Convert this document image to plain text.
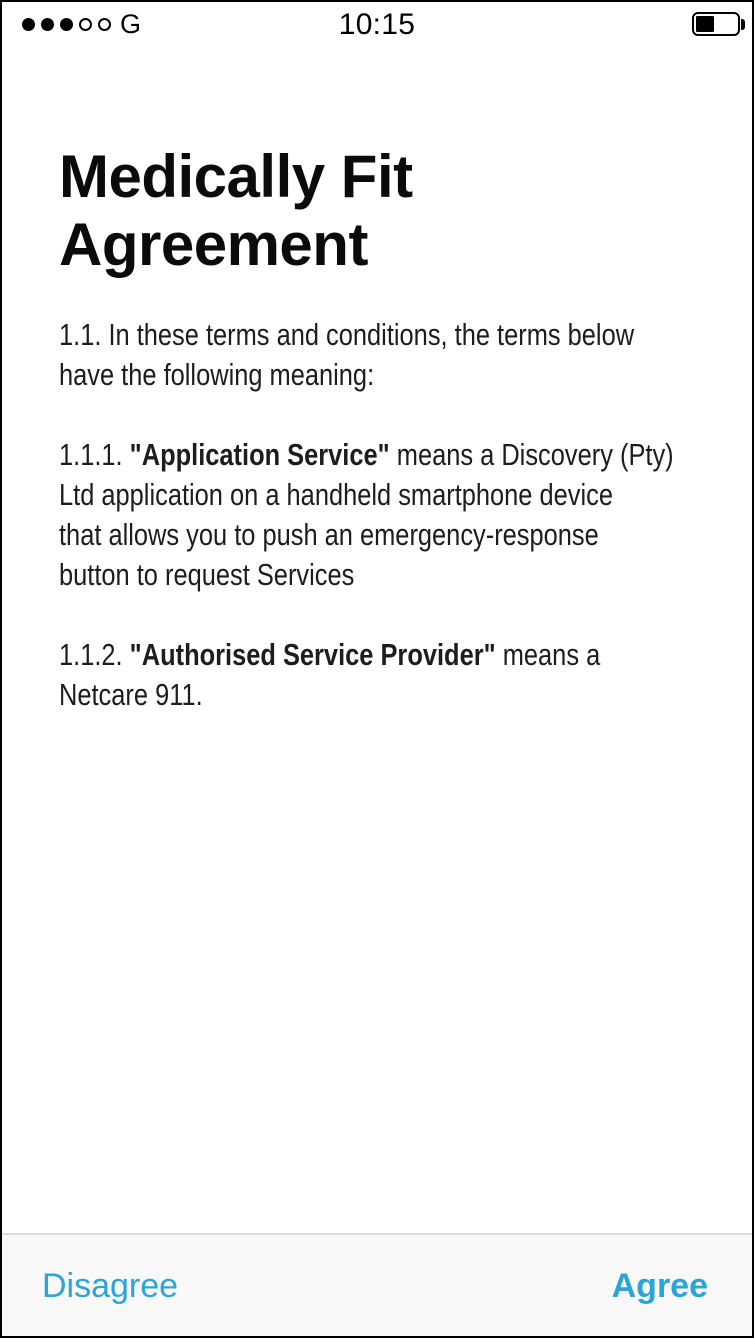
G	10:15
Medically Fit Agreement

1.1. In these terms and conditions, the terms below
have the following meaning:

1.1.1. "Application Service" means a Discovery (Pty)
Ltd application on a handheld smartphone device
that allows you to push an emergency-response
button to request Services

1.1.2. "Authorised Service Provider" means a
Netcare 911.

Disagree	Agree
